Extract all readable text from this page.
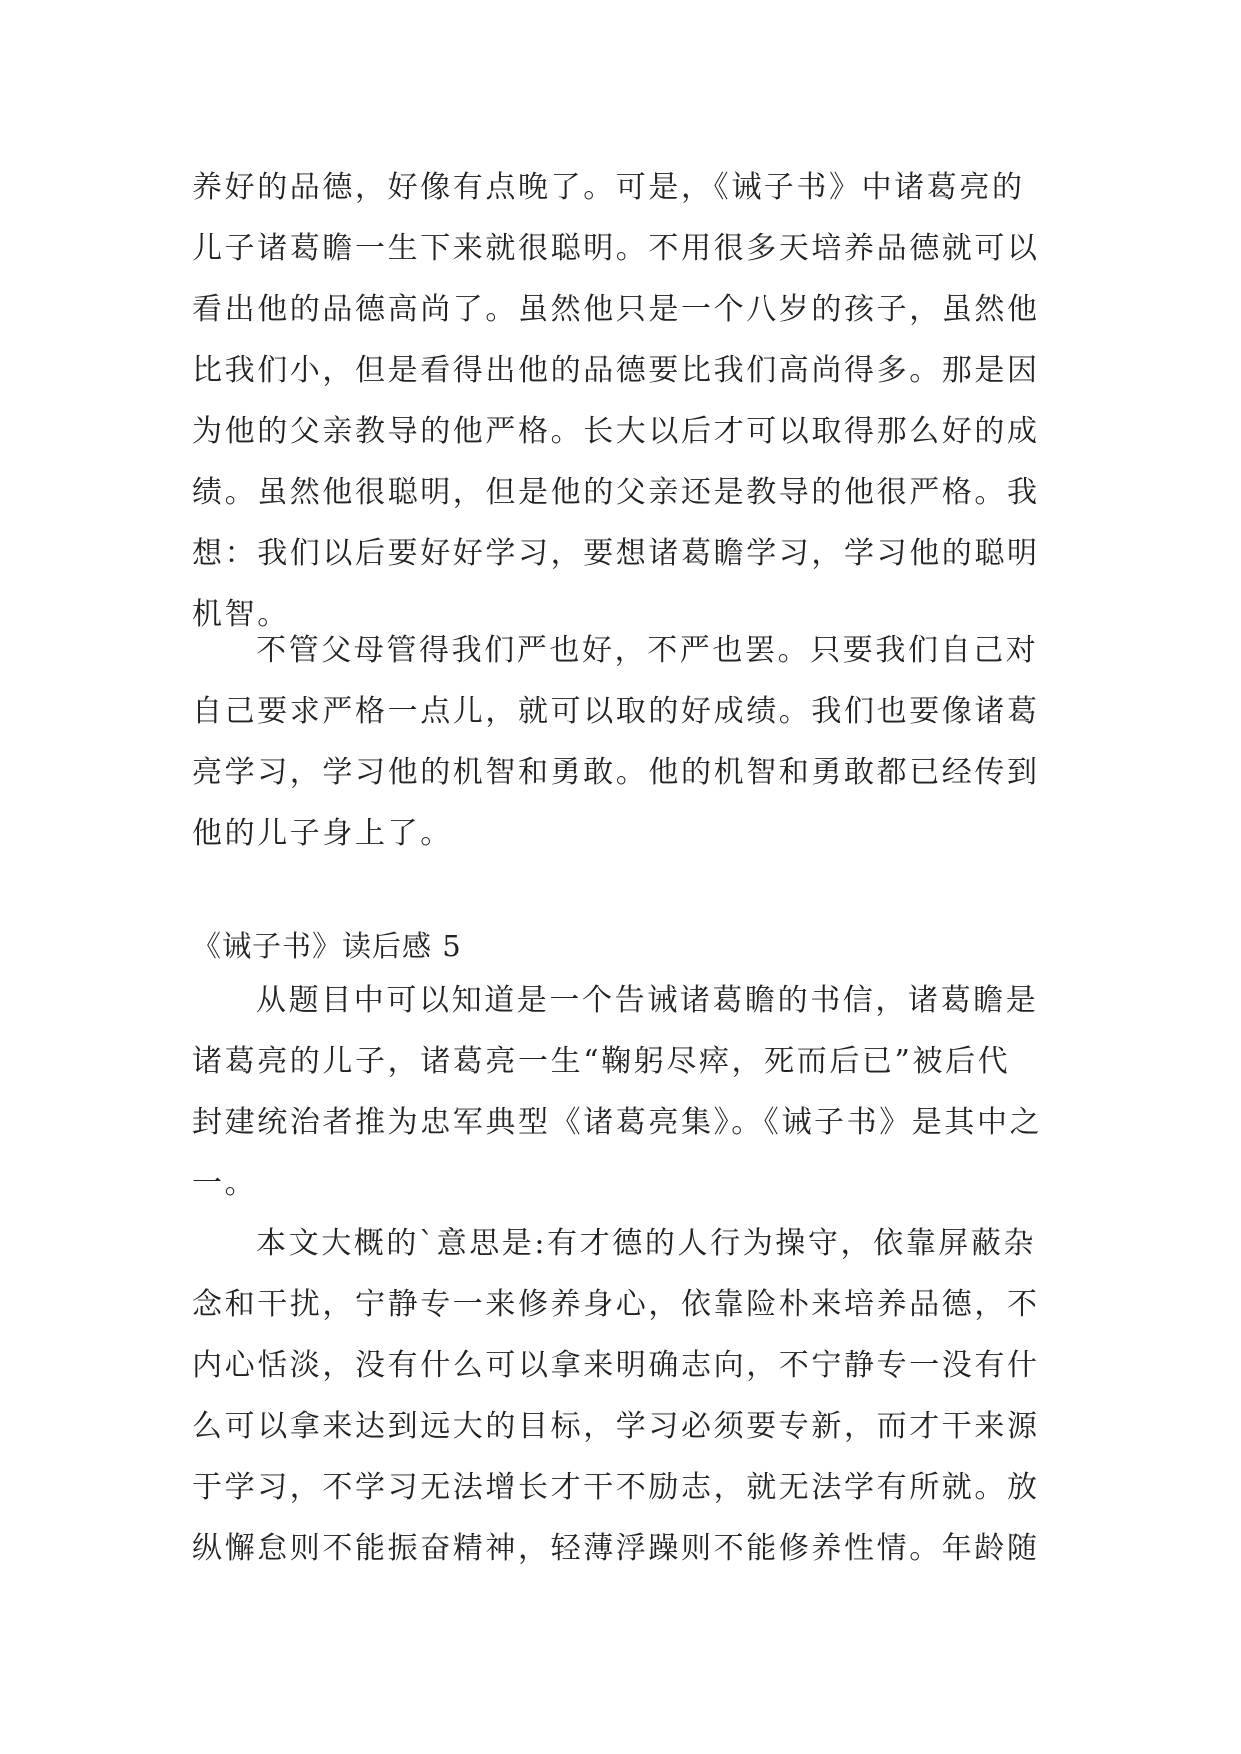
养好的品德，好像有点晚了。可是，《诫子书》中诸葛亮的
儿子诸葛瞻一生下来就很聪明。不用很多天培养品德就可以
看出他的品德高尚了。虽然他只是一个八岁的孩子，虽然他
比我们小，但是看得出他的品德要比我们高尚得多。那是因
为他的父亲教导的他严格。长大以后才可以取得那么好的成
绩。虽然他很聪明，但是他的父亲还是教导的他很严格。我
想：我们以后要好好学习，要想诸葛瞻学习，学习他的聪明
机智。
不管父母管得我们严也好，不严也罢。只要我们自己对
自己要求严格一点儿，就可以取的好成绩。我们也要像诸葛
亮学习，学习他的机智和勇敢。他的机智和勇敢都已经传到
他的儿子身上了。
《诫子书》读后感 5
从题目中可以知道是一个告诫诸葛瞻的书信，诸葛瞻是
诸葛亮的儿子，诸葛亮一生“鞠躬尽瘁，死而后已”被后代
封建统治者推为忠军典型《诸葛亮集》。《诫子书》是其中之
一。
本文大概的`意思是:有才德的人行为操守，依靠屏蔽杂
念和干扰，宁静专一来修养身心，依靠险朴来培养品德，不
内心恬淡，没有什么可以拿来明确志向，不宁静专一没有什
么可以拿来达到远大的目标，学习必须要专新，而才干来源
于学习，不学习无法增长才干不励志，就无法学有所就。放
纵懈怠则不能振奋精神，轻薄浮躁则不能修养性情。年龄随
